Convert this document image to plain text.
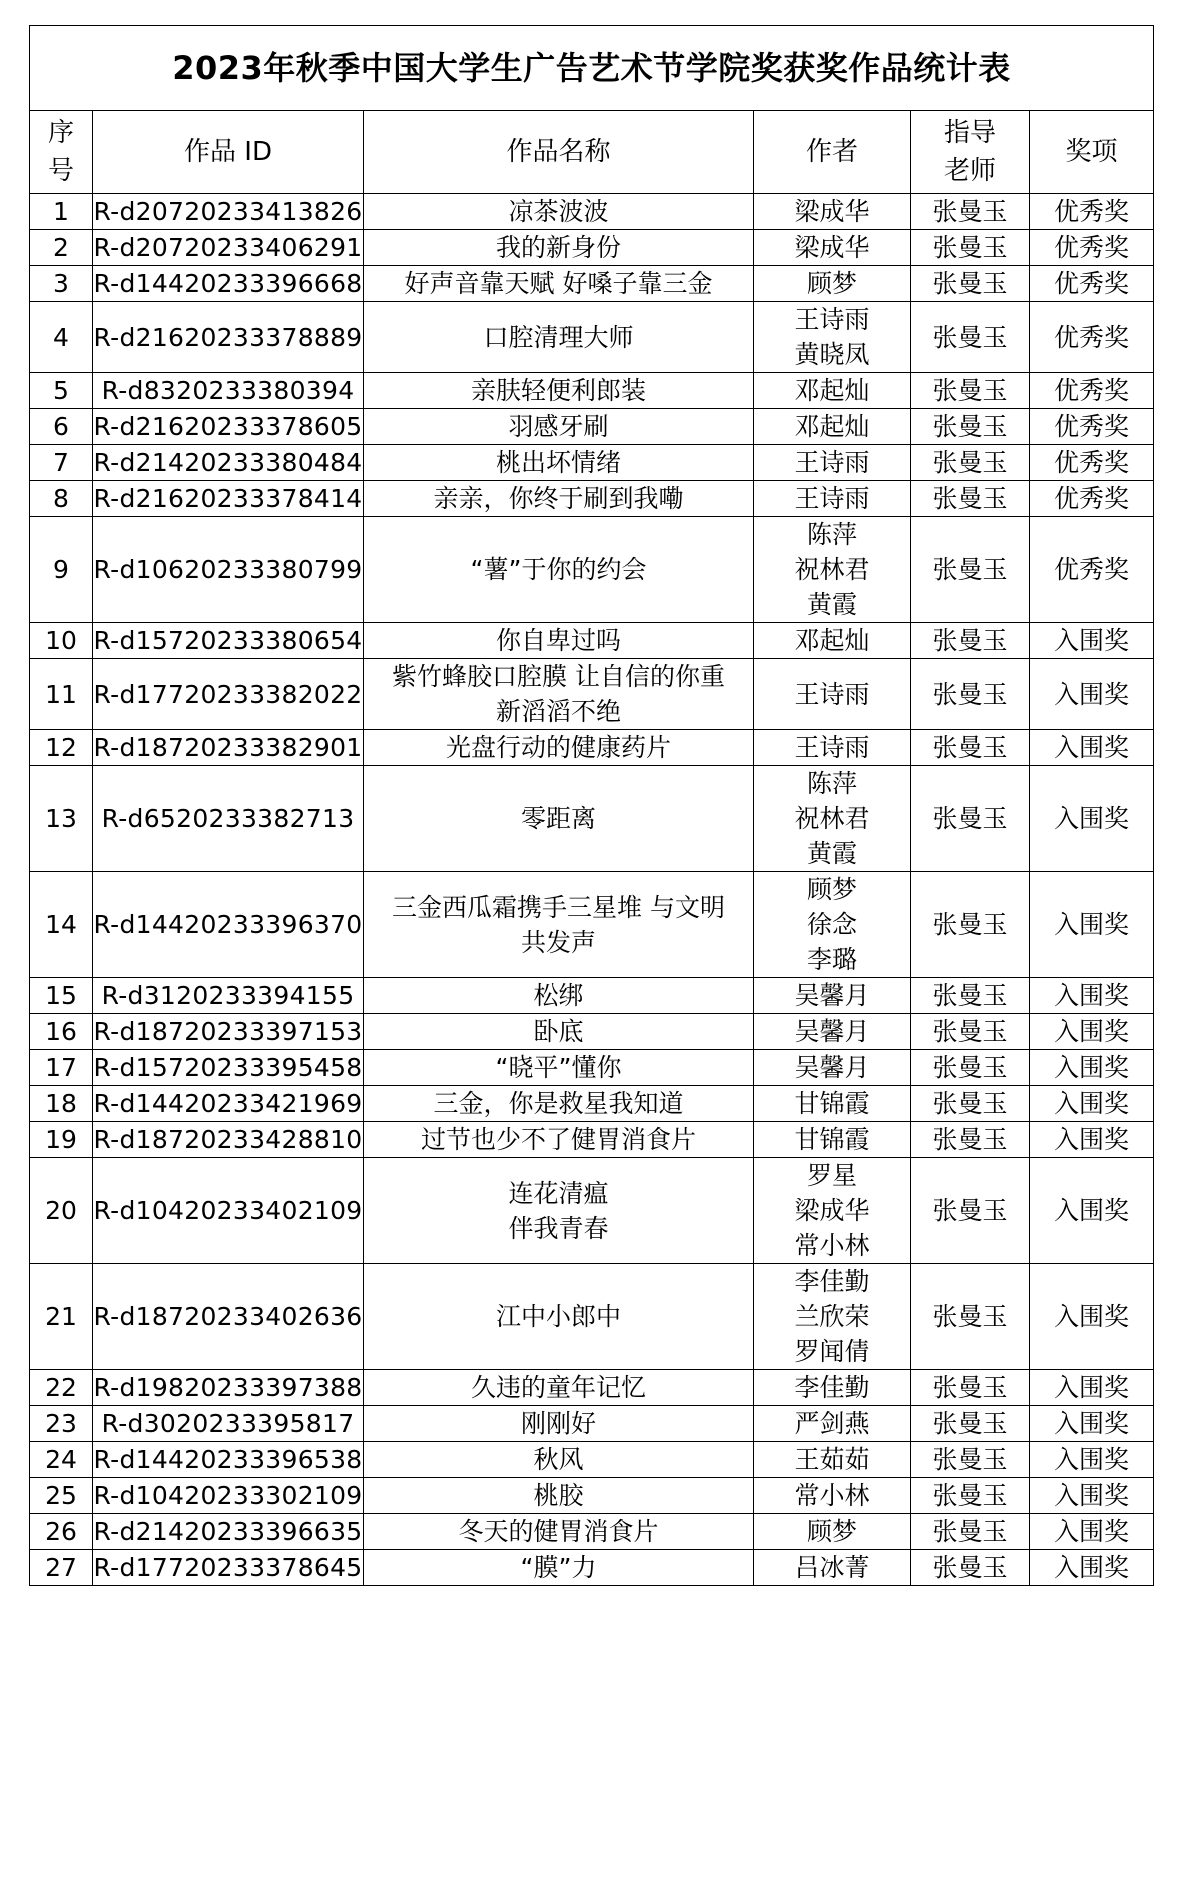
2023年秋季中国大学生广告艺术节学院奖获奖作品统计表					

序
号	作品 ID	作品名称	作者	指导
老师	奖项
1	R-d20720233413826	凉茶波波	梁成华	张曼玉	优秀奖
2	R-d20720233406291	我的新身份	梁成华	张曼玉	优秀奖
3	R-d14420233396668	好声音靠天赋 好嗓子靠三金	顾梦	张曼玉	优秀奖
4	R-d21620233378889	口腔清理大师	王诗雨
黄晓凤	张曼玉	优秀奖
5	R-d8320233380394	亲肤轻便利郎装	邓起灿	张曼玉	优秀奖
6	R-d21620233378605	羽感牙刷	邓起灿	张曼玉	优秀奖
7	R-d21420233380484	桃出坏情绪	王诗雨	张曼玉	优秀奖
8	R-d21620233378414	亲亲，你终于刷到我嘞	王诗雨	张曼玉	优秀奖
9	R-d10620233380799	“薯”于你的约会	陈萍
祝林君
黄霞	张曼玉	优秀奖
10	R-d15720233380654	你自卑过吗	邓起灿	张曼玉	入围奖
11	R-d17720233382022	紫竹蜂胶口腔膜 让自信的你重
新滔滔不绝	王诗雨	张曼玉	入围奖
12	R-d18720233382901	光盘行动的健康药片	王诗雨	张曼玉	入围奖
13	R-d6520233382713	零距离	陈萍
祝林君
黄霞	张曼玉	入围奖
14	R-d14420233396370	三金西瓜霜携手三星堆 与文明
共发声	顾梦
徐念
李璐	张曼玉	入围奖
15	R-d3120233394155	松绑	吴馨月	张曼玉	入围奖
16	R-d18720233397153	卧底	吴馨月	张曼玉	入围奖
17	R-d15720233395458	“晓平”懂你	吴馨月	张曼玉	入围奖
18	R-d14420233421969	三金，你是救星我知道	甘锦霞	张曼玉	入围奖
19	R-d18720233428810	过节也少不了健胃消食片	甘锦霞	张曼玉	入围奖
20	R-d10420233402109	连花清瘟
伴我青春	罗星
梁成华
常小林	张曼玉	入围奖
21	R-d18720233402636	江中小郎中	李佳勤
兰欣荣
罗闻倩	张曼玉	入围奖
22	R-d19820233397388	久违的童年记忆	李佳勤	张曼玉	入围奖
23	R-d3020233395817	刚刚好	严剑燕	张曼玉	入围奖
24	R-d14420233396538	秋风	王茹茹	张曼玉	入围奖
25	R-d10420233302109	桃胶	常小林	张曼玉	入围奖
26	R-d21420233396635	冬天的健胃消食片	顾梦	张曼玉	入围奖
27	R-d17720233378645	“膜”力	吕冰菁	张曼玉	入围奖
